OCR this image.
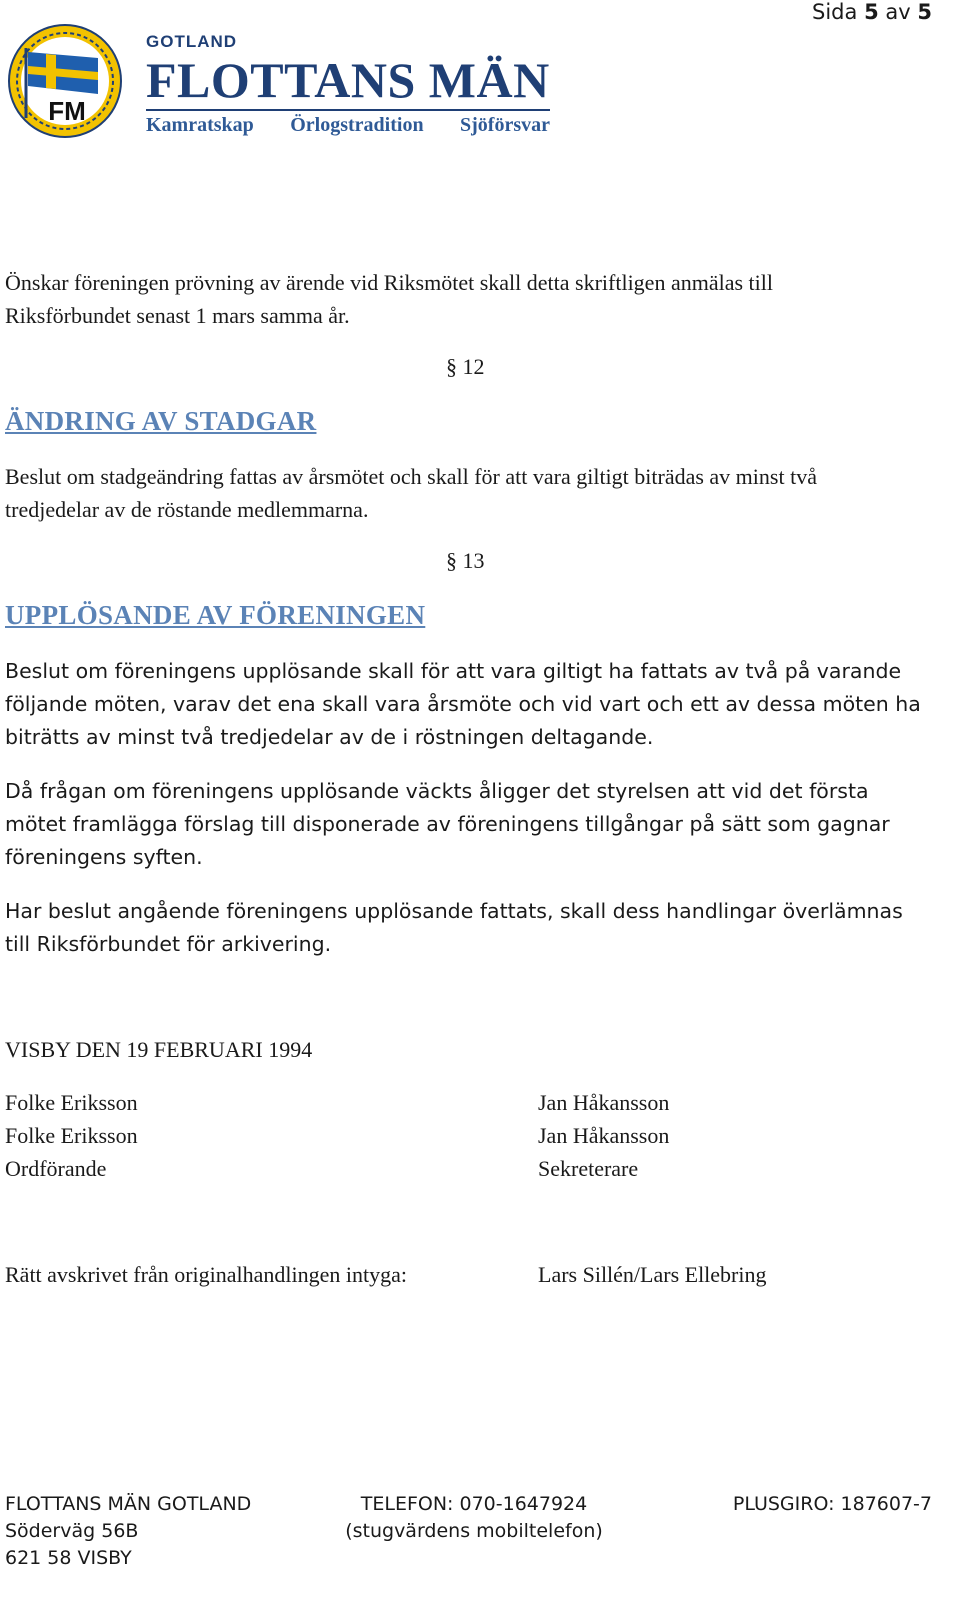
Sida 5 av 5
FM
GOTLAND
FLOTTANS MÄN
Kamratskap Örlogstradition Sjöförsvar
Önskar föreningen prövning av ärende vid Riksmötet skall detta skriftligen anmälas till
Riksförbundet senast 1 mars samma år.
§ 12
ÄNDRING AV STADGAR
Beslut om stadgeändring fattas av årsmötet och skall för att vara giltigt biträdas av minst två
tredjedelar av de röstande medlemmarna.
§ 13
UPPLÖSANDE AV FÖRENINGEN
Beslut om föreningens upplösande skall för att vara giltigt ha fattats av två på varande
följande möten, varav det ena skall vara årsmöte och vid vart och ett av dessa möten ha
biträtts av minst två tredjedelar av de i röstningen deltagande.
Då frågan om föreningens upplösande väckts åligger det styrelsen att vid det första
mötet framlägga förslag till disponerade av föreningens tillgångar på sätt som gagnar
föreningens syften.
Har beslut angående föreningens upplösande fattats, skall dess handlingar överlämnas
till Riksförbundet för arkivering.
VISBY DEN 19 FEBRUARI 1994
Folke Eriksson
Folke Eriksson
Ordförande
Jan Håkansson
Jan Håkansson
Sekreterare
Rätt avskrivet från originalhandlingen intyga:	Lars Sillén/Lars Ellebring
FLOTTANS MÄN GOTLAND
Söderväg 56B
621 58 VISBY
TELEFON: 070-1647924
(stugvärdens mobiltelefon)
PLUSGIRO: 187607-7
